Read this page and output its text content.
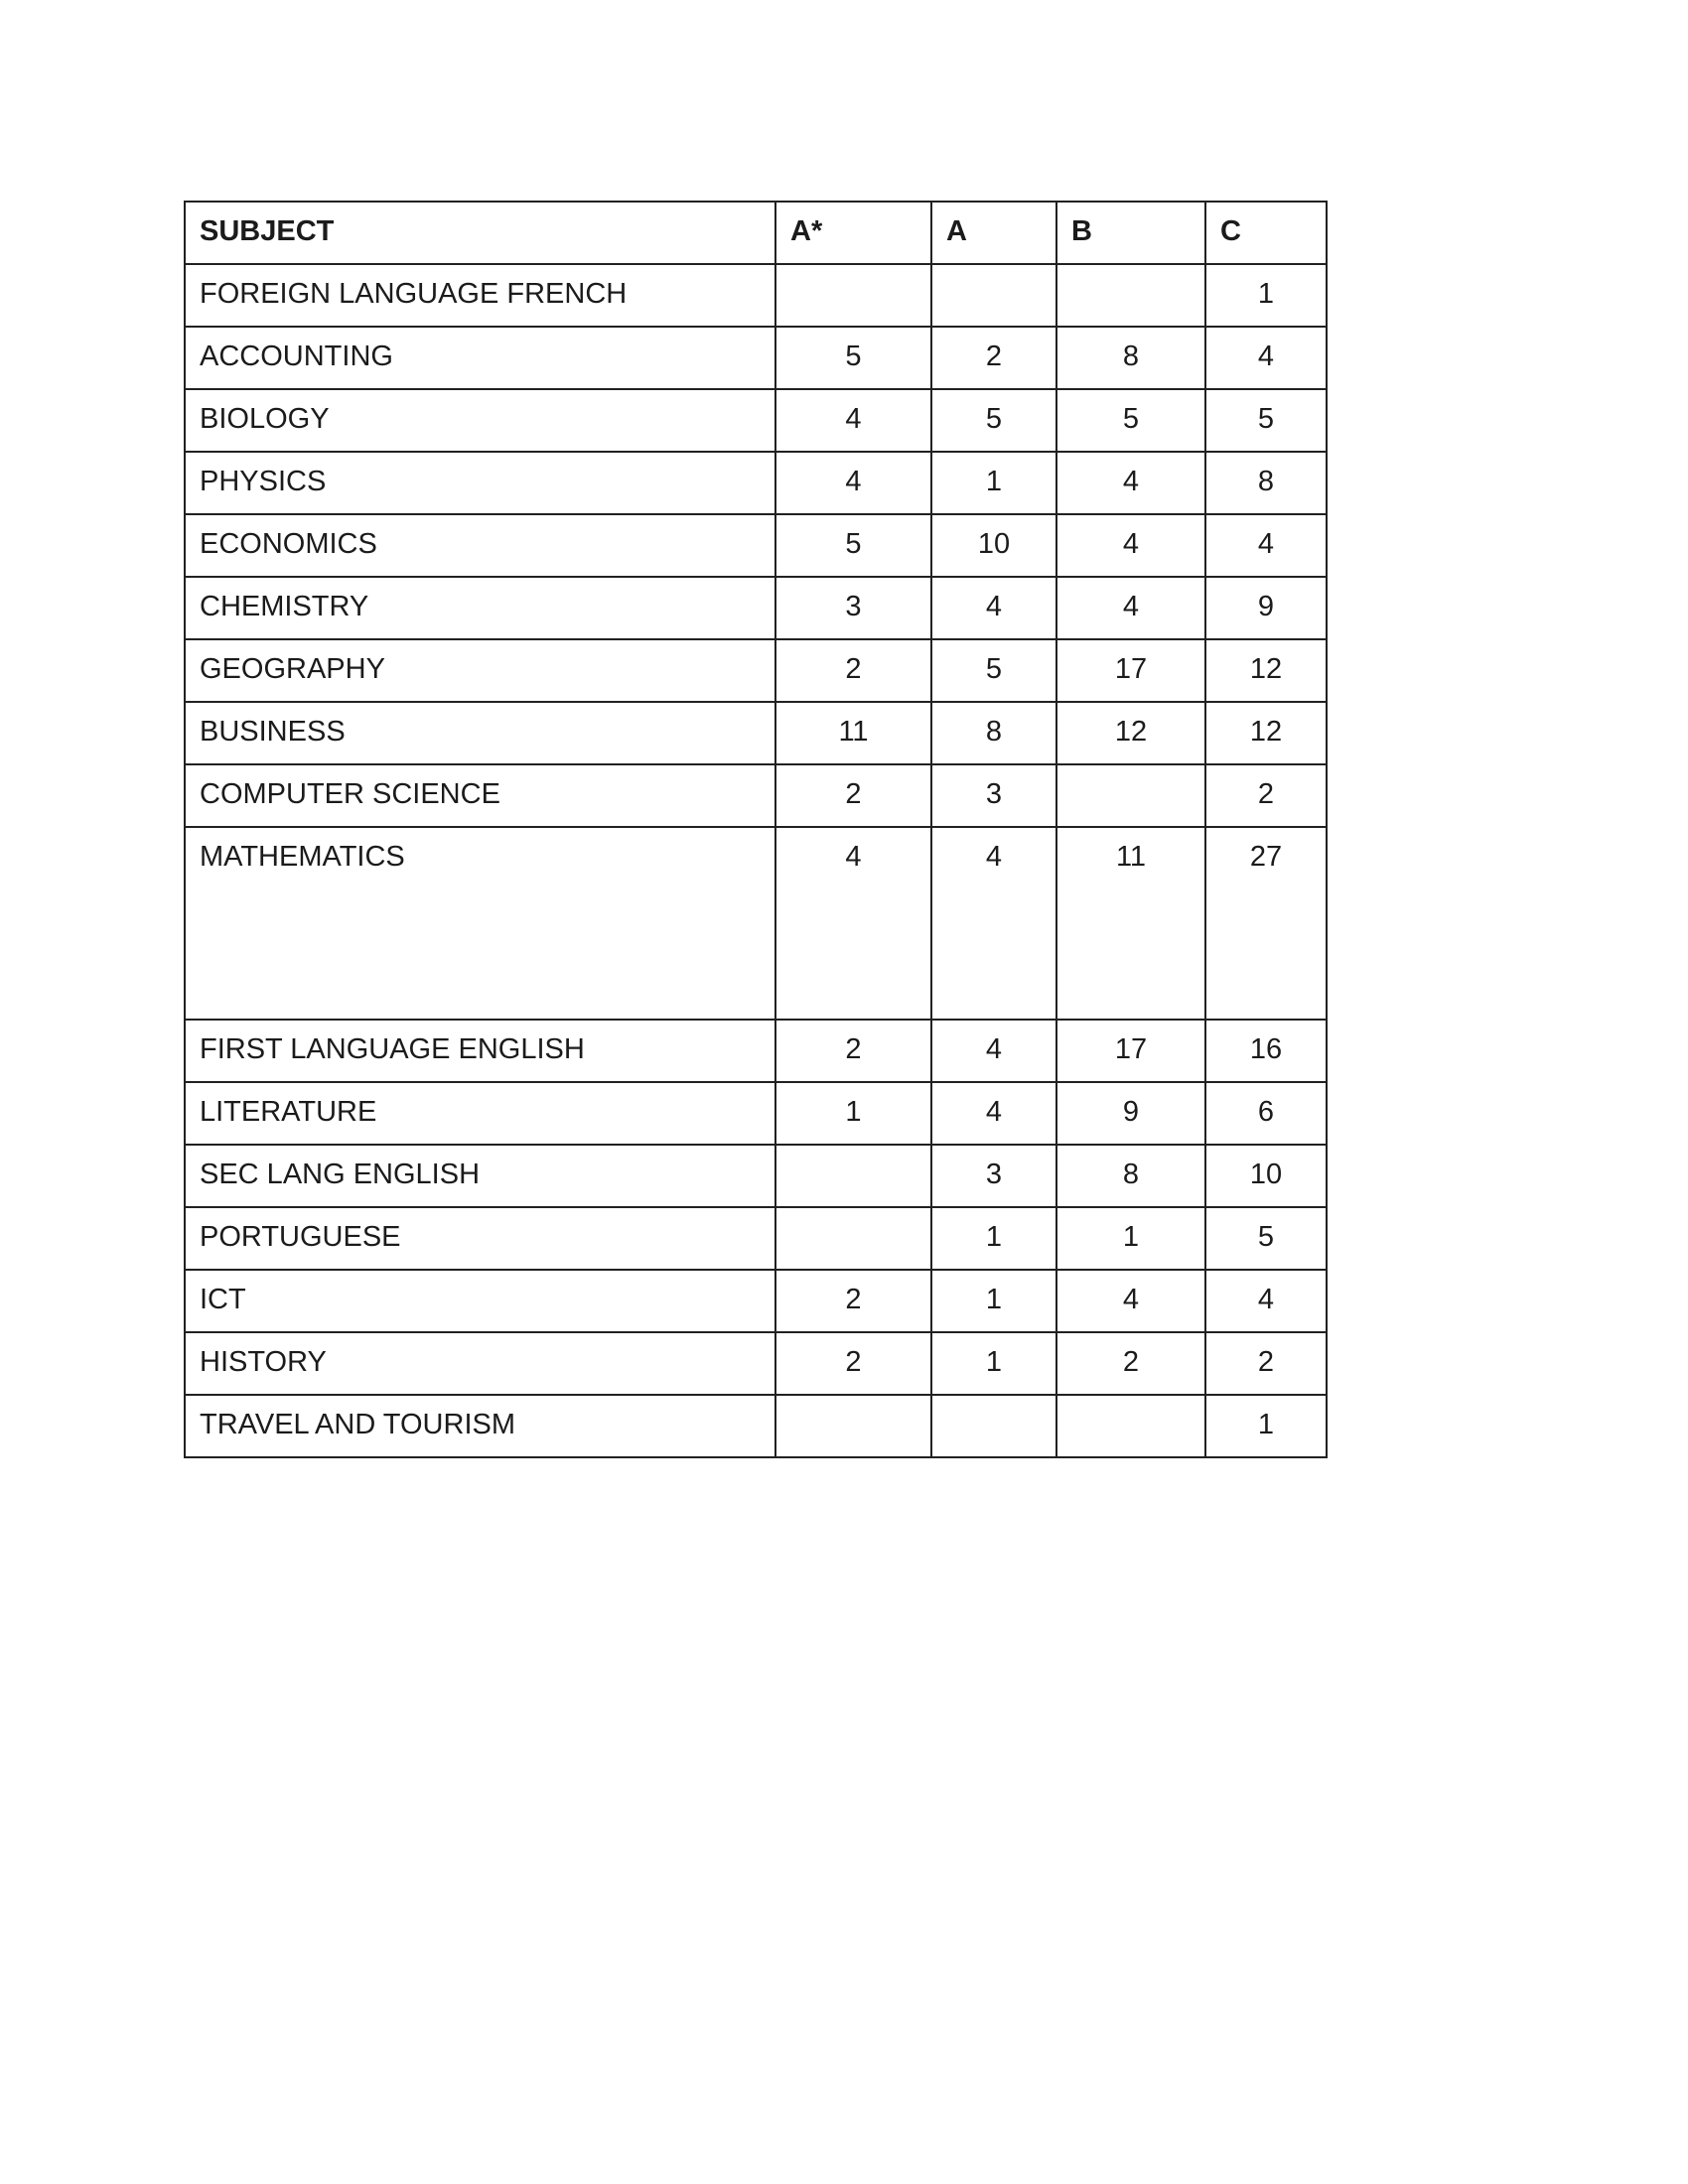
SUBJECT	A*	A	B	C
FOREIGN LANGUAGE FRENCH				1
ACCOUNTING	5	2	8	4
BIOLOGY	4	5	5	5
PHYSICS	4	1	4	8
ECONOMICS	5	10	4	4
CHEMISTRY	3	4	4	9
GEOGRAPHY	2	5	17	12
BUSINESS	11	8	12	12
COMPUTER SCIENCE	2	3		2
MATHEMATICS	4	4	11	27
FIRST LANGUAGE ENGLISH	2	4	17	16
LITERATURE	1	4	9	6
SEC LANG ENGLISH		3	8	10
PORTUGUESE		1	1	5
ICT	2	1	4	4
HISTORY	2	1	2	2
TRAVEL AND TOURISM				1
